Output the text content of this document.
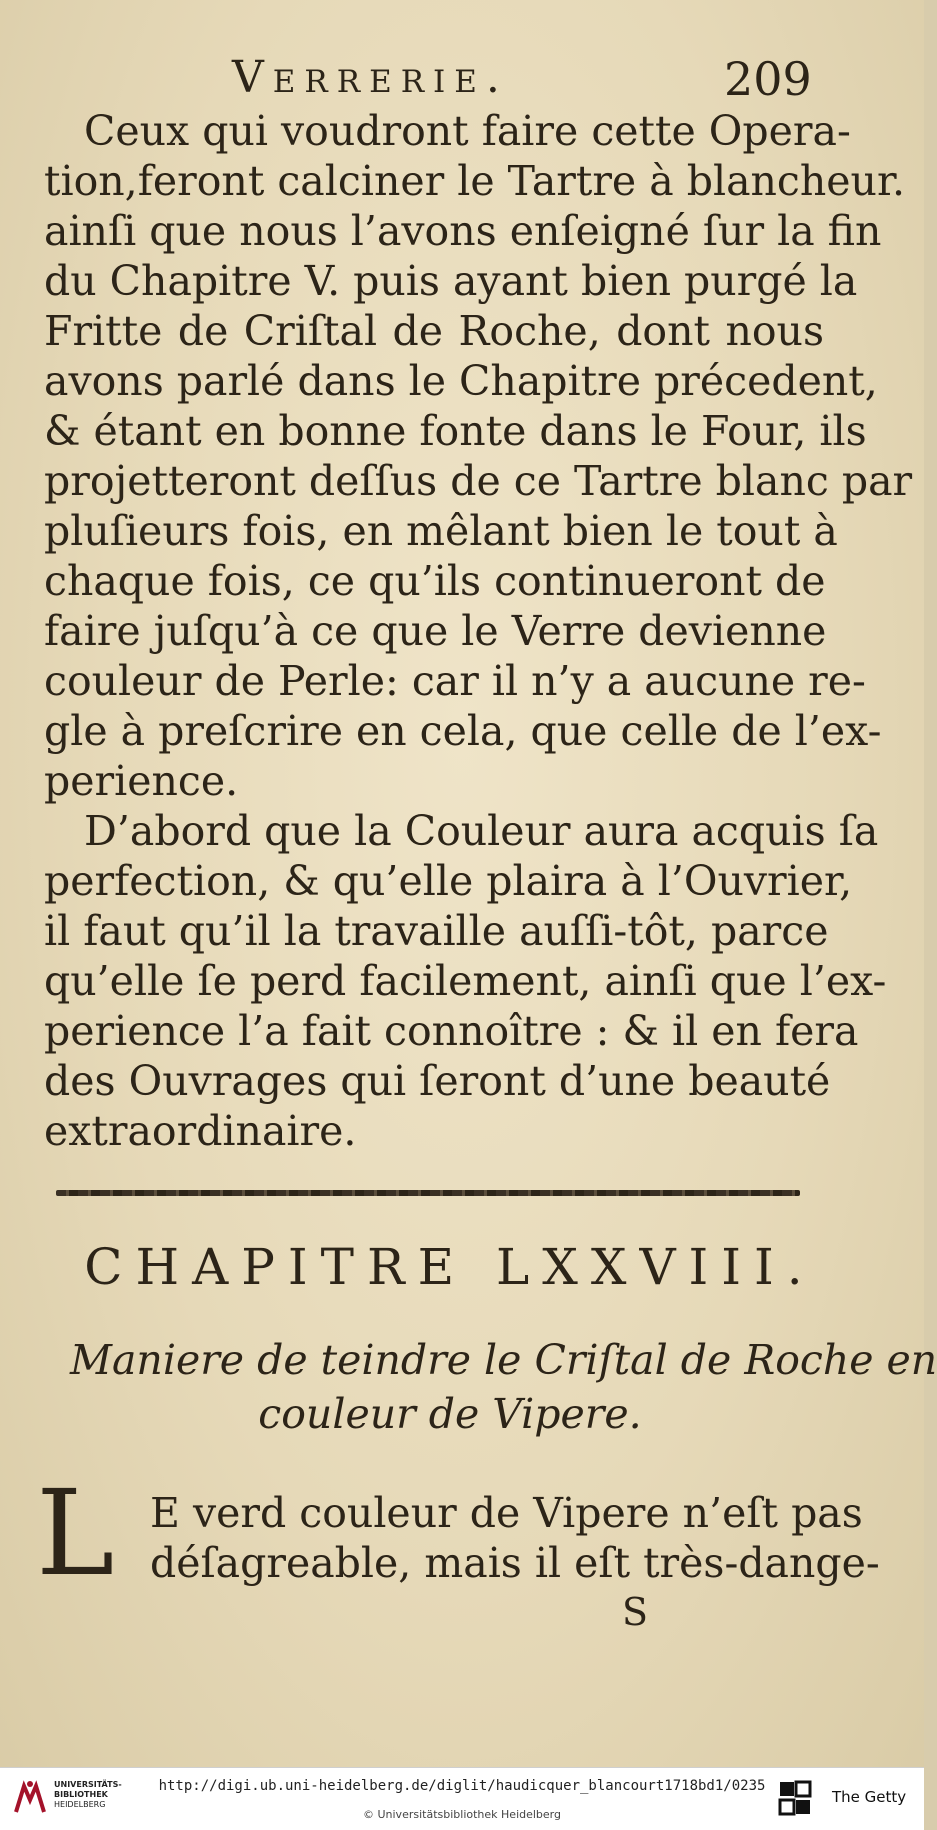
Verrerie.	209
Ceux qui voudront faire cette Opera-
tion,feront calciner le Tartre à blancheur.
ainſi que nous l’avons enſeigné ſur la fin
du Chapitre V. puis ayant bien purgé la
Fritte de Criſtal de Roche, dont nous
avons parlé dans le Chapitre précedent,
& étant en bonne fonte dans le Four, ils
projetteront deſſus de ce Tartre blanc par
pluſieurs fois, en mêlant bien le tout à
chaque fois, ce qu’ils continueront de
faire juſqu’à ce que le Verre devienne
couleur de Perle: car il n’y a aucune re-
gle à preſcrire en cela, que celle de l’ex-
perience.
D’abord que la Couleur aura acquis ſa
perfection, & qu’elle plaira à l’Ouvrier,
il faut qu’il la travaille auſſi-tôt, parce
qu’elle ſe perd facilement, ainſi que l’ex-
perience l’a fait connoître : & il en fera
des Ouvrages qui ſeront d’une beauté
extraordinaire.
CHAPITRE LXXVIII.
Maniere de teindre le Criſtal de Roche en
couleur de Vipere.
L E verd couleur de Vipere n’eſt pas
déſagreable, mais il eſt très-dange-
S
UNIVERSITÄTS-
BIBLIOTHEK
HEIDELBERG
http://digi.ub.uni-heidelberg.de/diglit/haudicquer_blancourt1718bd1/0235
© Universitätsbibliothek Heidelberg
The Getty
